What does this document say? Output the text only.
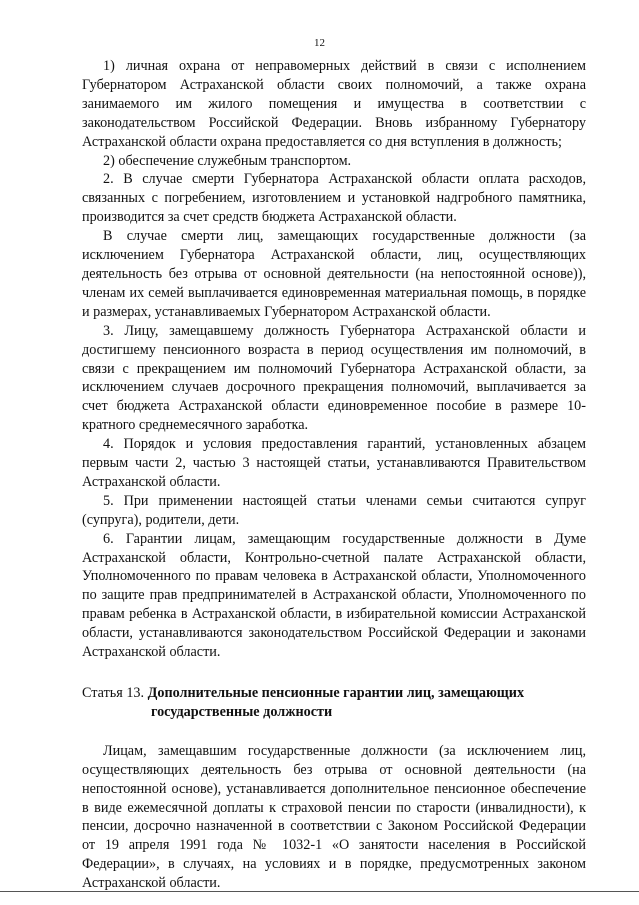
12

1) личная охрана от неправомерных действий в связи с исполнением Губернатором Астраханской области своих полномочий, а также охрана занимаемого им жилого помещения и имущества в соответствии с законодательством Российской Федерации. Вновь избранному Губернатору Астраханской области охрана предоставляется со дня вступления в должность;

2) обеспечение служебным транспортом.

2. В случае смерти Губернатора Астраханской области оплата расходов, связанных с погребением, изготовлением и установкой надгробного памятника, производится за счет средств бюджета Астраханской области.

В случае смерти лиц, замещающих государственные должности (за исключением Губернатора Астраханской области, лиц, осуществляющих деятельность без отрыва от основной деятельности (на непостоянной основе)), членам их семей выплачивается единовременная материальная помощь, в порядке и размерах, устанавливаемых Губернатором Астраханской области.

3. Лицу, замещавшему должность Губернатора Астраханской области и достигшему пенсионного возраста в период осуществления им полномочий, в связи с прекращением им полномочий Губернатора Астраханской области, за исключением случаев досрочного прекращения полномочий, выплачивается за счет бюджета Астраханской области единовременное пособие в размере 10-кратного среднемесячного заработка.

4. Порядок и условия предоставления гарантий, установленных абзацем первым части 2, частью 3 настоящей статьи, устанавливаются Правительством Астраханской области.

5. При применении настоящей статьи членами семьи считаются супруг (супруга), родители, дети.

6. Гарантии лицам, замещающим государственные должности в Думе Астраханской области, Контрольно-счетной палате Астраханской области, Уполномоченного по правам человека в Астраханской области, Уполномоченного по защите прав предпринимателей в Астраханской области, Уполномоченного по правам ребенка в Астраханской области, в избирательной комиссии Астраханской области, устанавливаются законодательством Российской Федерации и законами Астраханской области.

Статья 13. Дополнительные пенсионные гарантии лиц, замещающих государственные должности

Лицам, замещавшим государственные должности (за исключением лиц, осуществляющих деятельность без отрыва от основной деятельности (на непостоянной основе), устанавливается дополнительное пенсионное обеспечение в виде ежемесячной доплаты к страховой пенсии по старости (инвалидности), к пенсии, досрочно назначенной в соответствии с Законом Российской Федерации от 19 апреля 1991 года № 1032-1 «О занятости населения в Российской Федерации», в случаях, на условиях и в порядке, предусмотренных законом Астраханской области.
